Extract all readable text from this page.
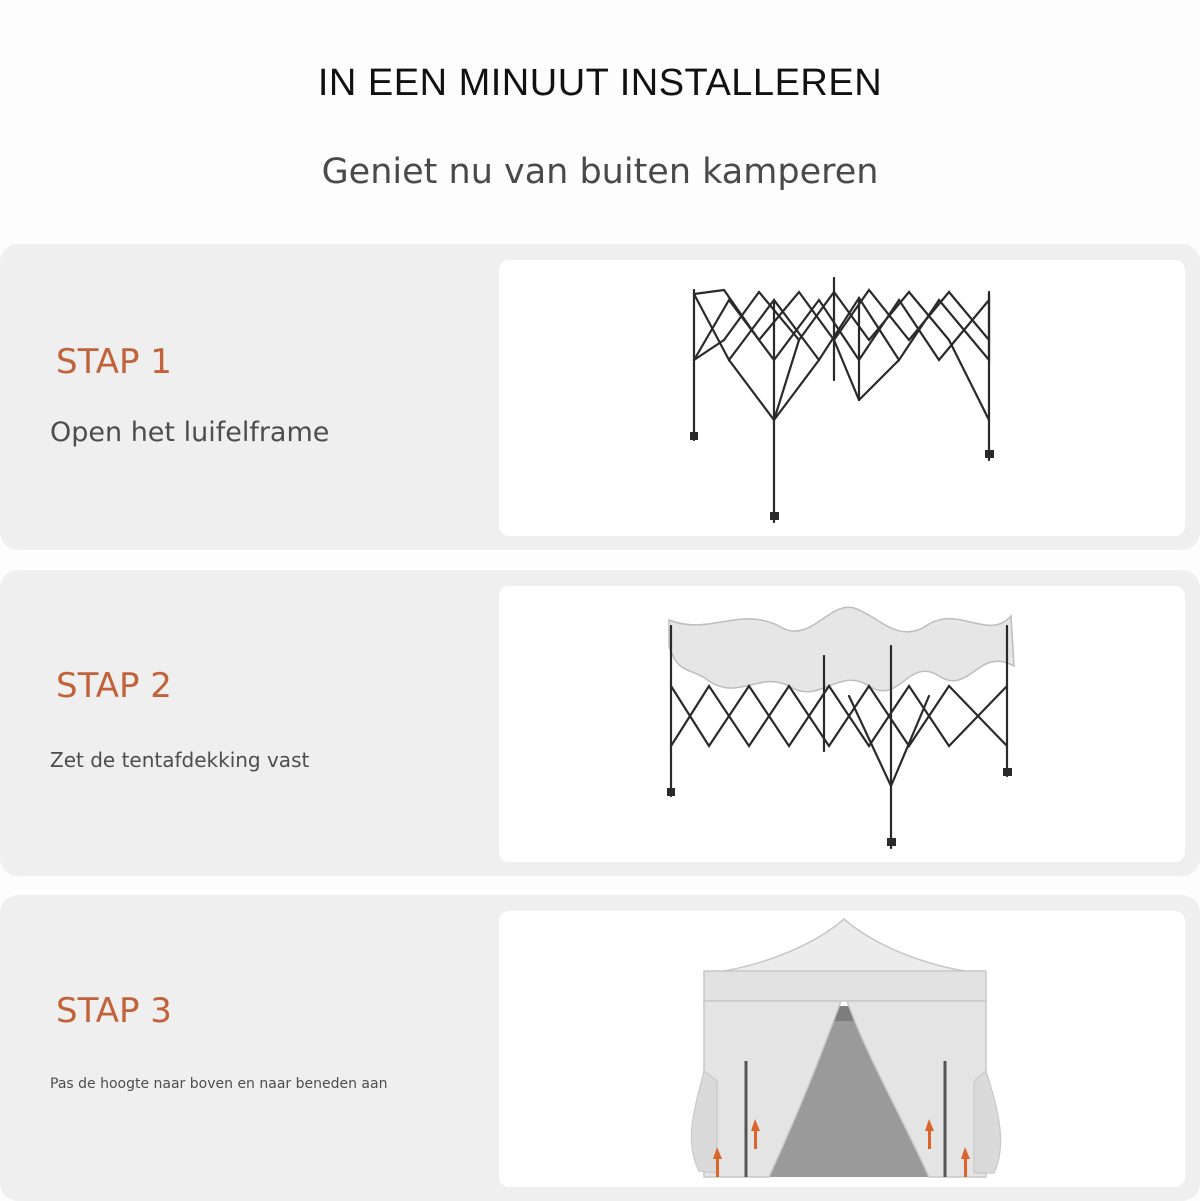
IN EEN MINUUT INSTALLEREN
Geniet nu van buiten kamperen
STAP 1
Open het luifelframe
STAP 2
Zet de tentafdekking vast
STAP 3
Pas de hoogte naar boven en naar beneden aan
